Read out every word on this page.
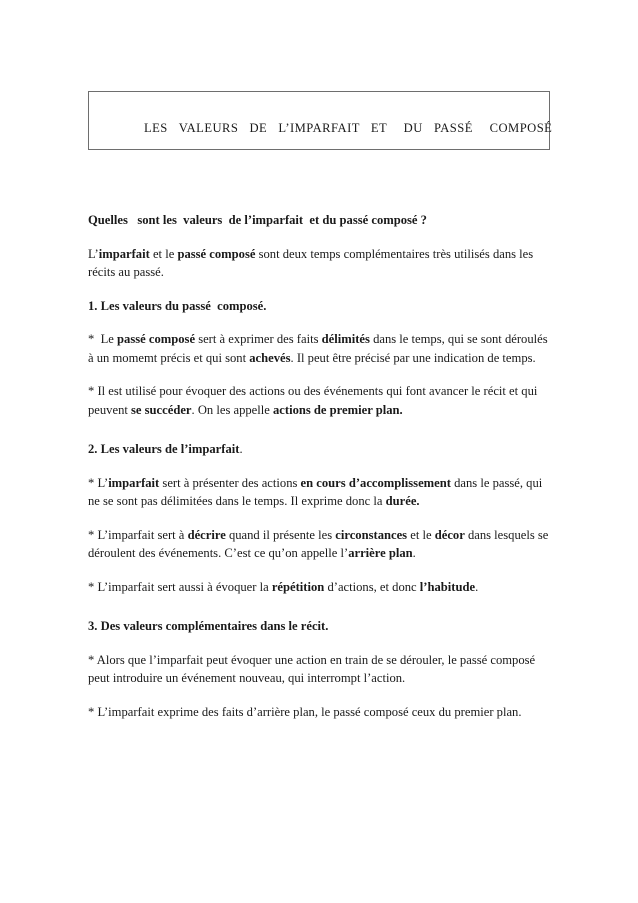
LES  VALEURS  DE  L’IMPARFAIT  ET   DU  PASSÉ   COMPOSÉ

Quelles   sont les  valeurs  de l’imparfait  et du passé composé ?

L’imparfait et le passé composé sont deux temps complémentaires très utilisés dans les récits au passé.

1. Les valeurs du passé  composé.

*  Le passé composé sert à exprimer des faits délimités dans le temps, qui se sont déroulés à un momemt précis et qui sont achevés. Il peut être précisé par une indication de temps.

* Il est utilisé pour évoquer des actions ou des événements qui font avancer le récit et qui peuvent se succéder. On les appelle actions de premier plan.

2. Les valeurs de l’imparfait.

* L’imparfait sert à présenter des actions en cours d’accomplissement dans le passé, qui ne se sont pas délimitées dans le temps. Il exprime donc la durée.

* L’imparfait sert à décrire quand il présente les circonstances et le décor dans lesquels se déroulent des événements. C’est ce qu’on appelle l’arrière plan.

* L’imparfait sert aussi à évoquer la répétition d’actions, et donc l’habitude.

3. Des valeurs complémentaires dans le récit.

* Alors que l’imparfait peut évoquer une action en train de se dérouler, le passé composé peut introduire un événement nouveau, qui interrompt l’action.

* L’imparfait exprime des faits d’arrière plan, le passé composé ceux du premier plan.
